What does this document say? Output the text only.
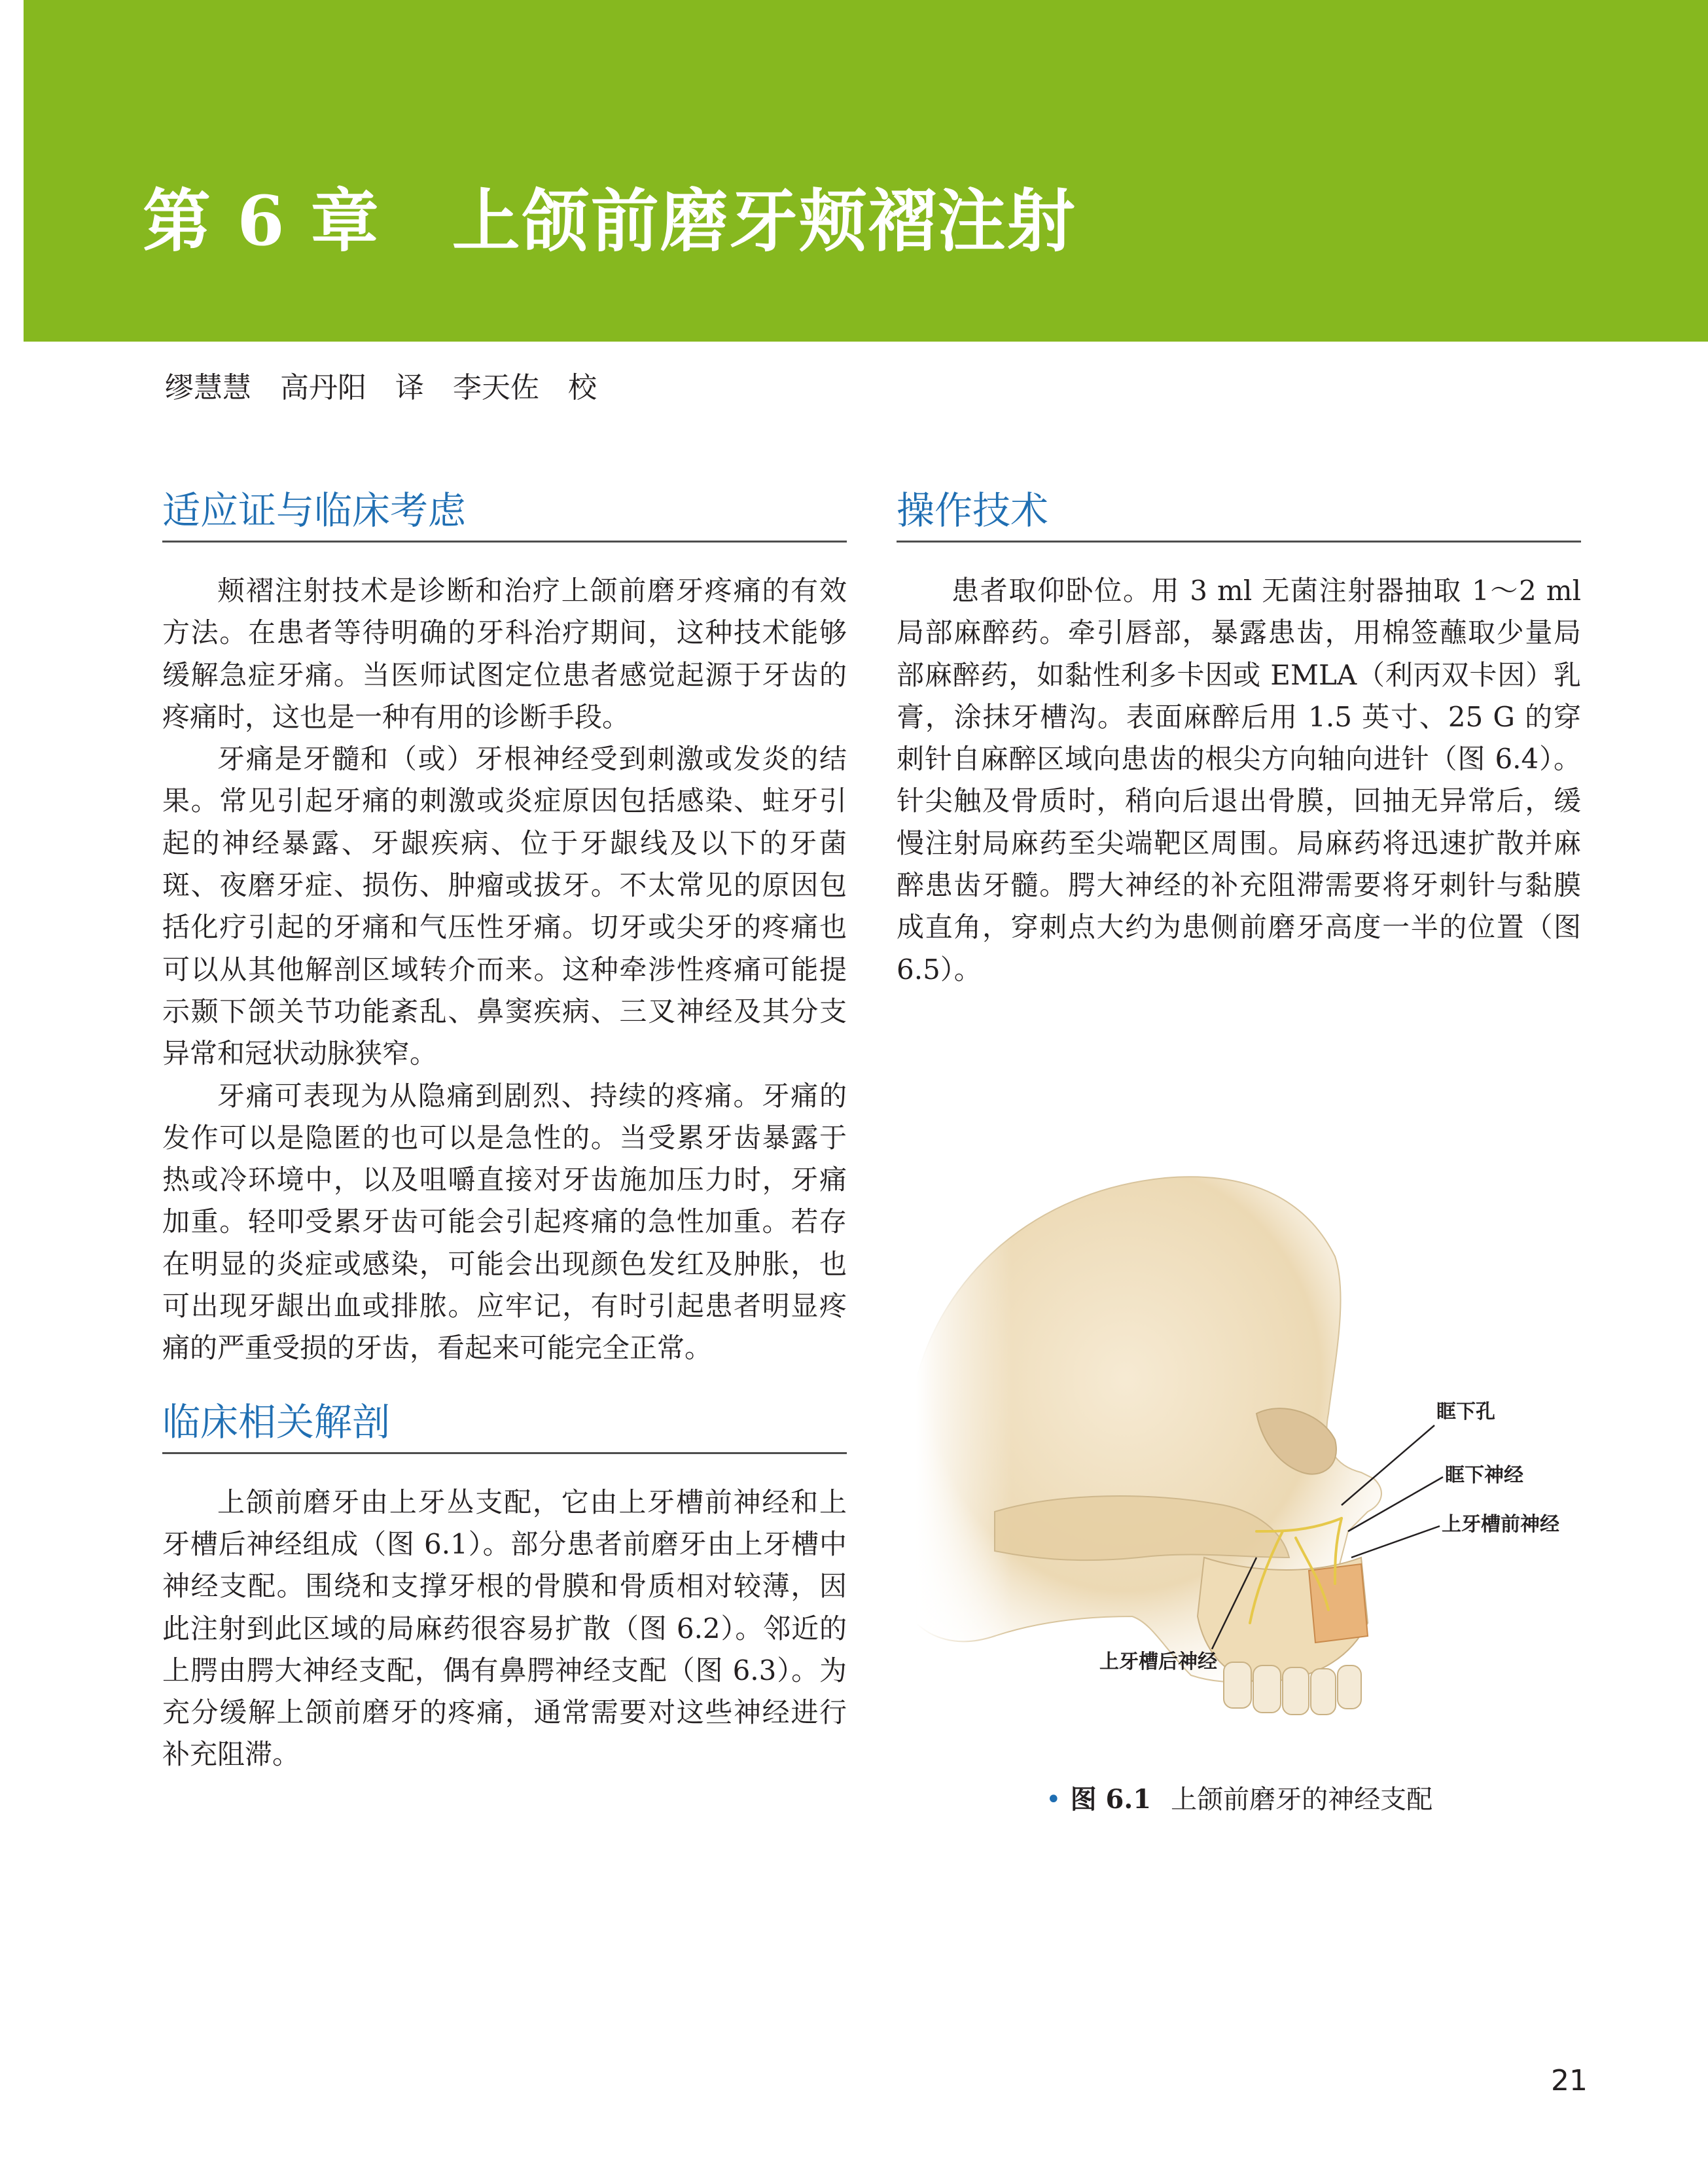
第 6 章 上颌前磨牙颊褶注射
缪慧慧　高丹阳 译 李天佐 校
适应证与临床考虑

颊褶注射技术是诊断和治疗上颌前磨牙疼痛的有效方法。在患者等待明确的牙科治疗期间，这种技术能够缓解急症牙痛。当医师试图定位患者感觉起源于牙齿的疼痛时，这也是一种有用的诊断手段。

牙痛是牙髓和（或）牙根神经受到刺激或发炎的结果。常见引起牙痛的刺激或炎症原因包括感染、蛀牙引起的神经暴露、牙龈疾病、位于牙龈线及以下的牙菌斑、夜磨牙症、损伤、肿瘤或拔牙。不太常见的原因包括化疗引起的牙痛和气压性牙痛。切牙或尖牙的疼痛也可以从其他解剖区域转介而来。这种牵涉性疼痛可能提示颞下颌关节功能紊乱、鼻窦疾病、三叉神经及其分支异常和冠状动脉狭窄。

牙痛可表现为从隐痛到剧烈、持续的疼痛。牙痛的发作可以是隐匿的也可以是急性的。当受累牙齿暴露于热或冷环境中，以及咀嚼直接对牙齿施加压力时，牙痛加重。轻叩受累牙齿可能会引起疼痛的急性加重。若存在明显的炎症或感染，可能会出现颜色发红及肿胀，也可出现牙龈出血或排脓。应牢记，有时引起患者明显疼痛的严重受损的牙齿，看起来可能完全正常。

临床相关解剖

上颌前磨牙由上牙丛支配，它由上牙槽前神经和上牙槽后神经组成（图 6.1）。部分患者前磨牙由上牙槽中神经支配。围绕和支撑牙根的骨膜和骨质相对较薄，因此注射到此区域的局麻药很容易扩散（图 6.2）。邻近的上腭由腭大神经支配，偶有鼻腭神经支配（图 6.3）。为充分缓解上颌前磨牙的疼痛，通常需要对这些神经进行补充阻滞。

操作技术

患者取仰卧位。用 3 ml 无菌注射器抽取 1～2 ml 局部麻醉药。牵引唇部，暴露患齿，用棉签蘸取少量局部麻醉药，如黏性利多卡因或 EMLA（利丙双卡因）乳膏，涂抹牙槽沟。表面麻醉后用 1.5 英寸、25 G 的穿刺针自麻醉区域向患齿的根尖方向轴向进针（图 6.4）。针尖触及骨质时，稍向后退出骨膜，回抽无异常后，缓慢注射局麻药至尖端靶区周围。局麻药将迅速扩散并麻醉患齿牙髓。腭大神经的补充阻滞需要将牙刺针与黏膜成直角，穿刺点大约为患侧前磨牙高度一半的位置（图 6.5）。

眶下孔
眶下神经
上牙槽前神经
上牙槽后神经
• 图 6.1 上颌前磨牙的神经支配
21
